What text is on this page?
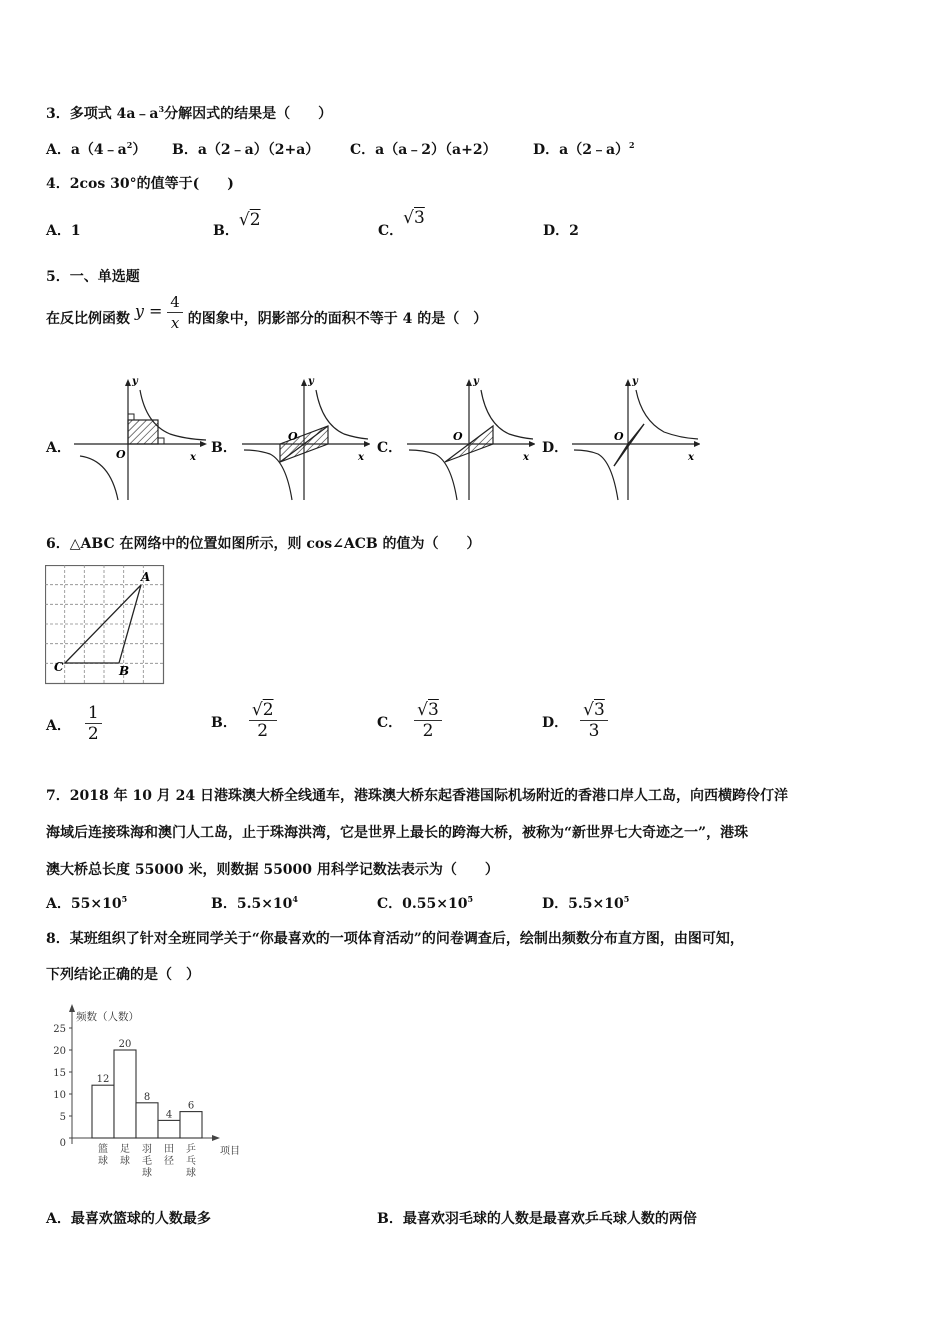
3．多项式 $4a﹣a^3$分解因式的结果是（　　）
A．$a(4﹣a^2)$ B．a（2﹣a）（2+a） C．a（a﹣2）（a+2）	D．a（2﹣a）$^2$
4．2cos 30°的值等于(　　)
A．1	B．√2
C．√3
D．2
5．一、单选题
在反比例函数 $y = \frac{4}{x}$ 的图象中，阴影部分的面积不等于 4 的是（　）
A．	B．	C．	D．
y
x
O
y
x
O
y
x
O
y
x
O
6．△ABC 在网络中的位置如图所示，则 cos∠ACB 的值为（　　）
A
B
C
A． $\frac{1}{2}$	B． $\frac{√2}{2}$	C． $\frac{√3}{2}$	D． $\frac{√3}{3}$
7．2018 年 10 月 24 日港珠澳大桥全线通车，港珠澳大桥东起香港国际机场附近的香港口岸人工岛，向西横跨伶仃洋
海域后连接珠海和澳门人工岛，止于珠海洪湾，它是世界上最长的跨海大桥，被称为“新世界七大奇迹之一”，港珠
澳大桥总长度 55000 米，则数据 55000 用科学记数法表示为（　　）
A．$55\times 10^5$	B．$5.5\times 10^4$	C．$0.55\times 10^5$	D．$5.5\times 10^5$
8．某班组织了针对全班同学关于“你最喜欢的一项体育活动”的问卷调查后，绘制出频数分布直方图，由图可知，
下列结论正确的是（　）
频数（人数）
项目
0
5
10
15
20
25
12
篮球
20
足球
8
羽毛球
4
田径
6
乒乓球
A．最喜欢篮球的人数最多	B．最喜欢羽毛球的人数是最喜欢乒乓球人数的两倍
